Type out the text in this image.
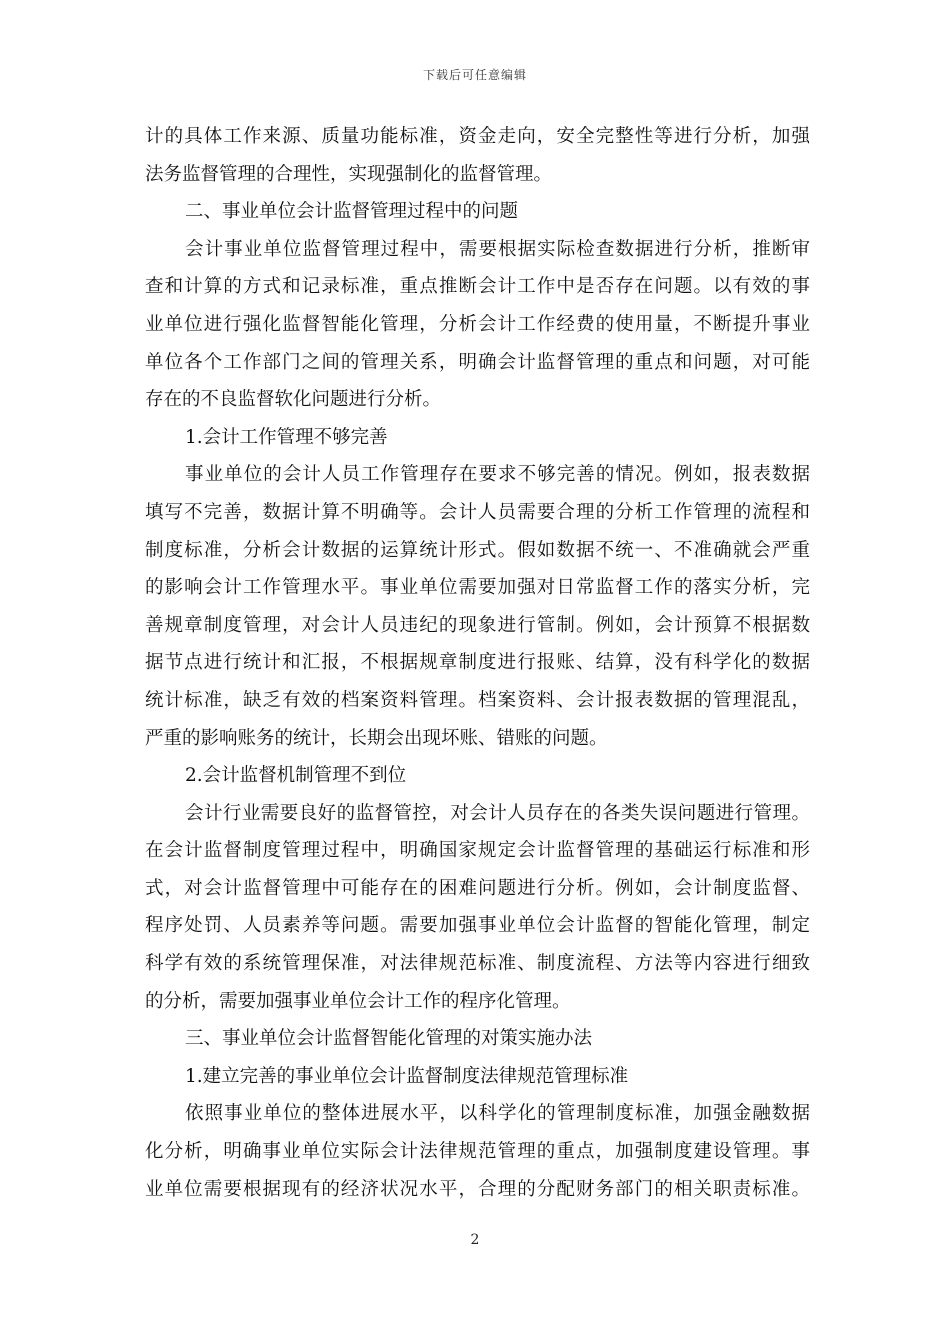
下载后可任意编辑
计的具体工作来源、质量功能标准，资金走向，安全完整性等进行分析，加强
法务监督管理的合理性，实现强制化的监督管理。
二、事业单位会计监督管理过程中的问题
会计事业单位监督管理过程中，需要根据实际检查数据进行分析，推断审
查和计算的方式和记录标准，重点推断会计工作中是否存在问题。以有效的事
业单位进行强化监督智能化管理，分析会计工作经费的使用量，不断提升事业
单位各个工作部门之间的管理关系，明确会计监督管理的重点和问题，对可能
存在的不良监督软化问题进行分析。
1.会计工作管理不够完善
事业单位的会计人员工作管理存在要求不够完善的情况。例如，报表数据
填写不完善，数据计算不明确等。会计人员需要合理的分析工作管理的流程和
制度标准，分析会计数据的运算统计形式。假如数据不统一、不准确就会严重
的影响会计工作管理水平。事业单位需要加强对日常监督工作的落实分析，完
善规章制度管理，对会计人员违纪的现象进行管制。例如，会计预算不根据数
据节点进行统计和汇报，不根据规章制度进行报账、结算，没有科学化的数据
统计标准，缺乏有效的档案资料管理。档案资料、会计报表数据的管理混乱，
严重的影响账务的统计，长期会出现坏账、错账的问题。
2.会计监督机制管理不到位
会计行业需要良好的监督管控，对会计人员存在的各类失误问题进行管理。
在会计监督制度管理过程中，明确国家规定会计监督管理的基础运行标准和形
式，对会计监督管理中可能存在的困难问题进行分析。例如，会计制度监督、
程序处罚、人员素养等问题。需要加强事业单位会计监督的智能化管理，制定
科学有效的系统管理保准，对法律规范标准、制度流程、方法等内容进行细致
的分析，需要加强事业单位会计工作的程序化管理。
三、事业单位会计监督智能化管理的对策实施办法
1.建立完善的事业单位会计监督制度法律规范管理标准
依照事业单位的整体进展水平，以科学化的管理制度标准，加强金融数据
化分析，明确事业单位实际会计法律规范管理的重点，加强制度建设管理。事
业单位需要根据现有的经济状况水平，合理的分配财务部门的相关职责标准。
2
